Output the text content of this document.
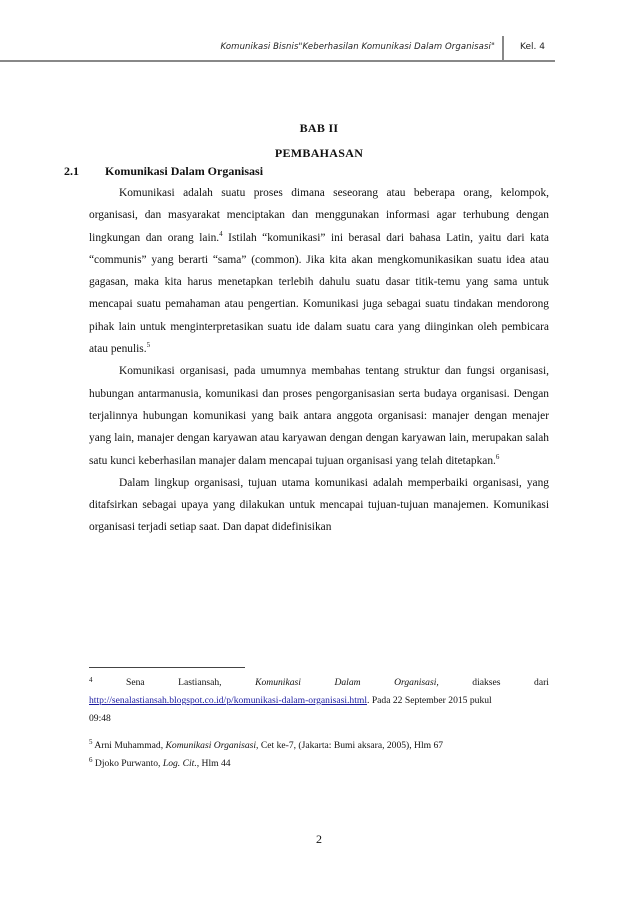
Komunikasi Bisnis"Keberhasilan Komunikasi Dalam Organisasi"	Kel. 4
BAB II
PEMBAHASAN
2.1 Komunikasi Dalam Organisasi

Komunikasi adalah suatu proses dimana seseorang atau beberapa orang, kelompok, organisasi, dan masyarakat menciptakan dan menggunakan informasi agar terhubung dengan lingkungan dan orang lain.$^4$ Istilah “komunikasi” ini berasal dari bahasa Latin, yaitu dari kata “communis” yang berarti “sama” (common). Jika kita akan mengkomunikasikan suatu idea atau gagasan, maka kita harus menetapkan terlebih dahulu suatu dasar titik-temu yang sama untuk mencapai suatu pemahaman atau pengertian. Komunikasi juga sebagai suatu tindakan mendorong pihak lain untuk menginterpretasikan suatu ide dalam suatu cara yang diinginkan oleh pembicara atau penulis.$^5$

Komunikasi organisasi, pada umumnya membahas tentang struktur dan fungsi organisasi, hubungan antarmanusia, komunikasi dan proses pengorganisasian serta budaya organisasi. Dengan terjalinnya hubungan komunikasi yang baik antara anggota organisasi: manajer dengan menajer yang lain, manajer dengan karyawan atau karyawan dengan dengan karyawan lain, merupakan salah satu kunci keberhasilan manajer dalam mencapai tujuan organisasi yang telah ditetapkan.$^6$

Dalam lingkup organisasi, tujuan utama komunikasi adalah memperbaiki organisasi, yang ditafsirkan sebagai upaya yang dilakukan untuk mencapai tujuan-tujuan manajemen. Komunikasi organisasi terjadi setiap saat. Dan dapat didefinisikan

4	Sena	Lastiansah,	Komunikasi	Dalam	Organisasi,	diakses	dari
http://senalastiansah.blogspot.co.id/p/komunikasi-dalam-organisasi.html. Pada 22 September 2015 pukul
09:48
$^5$ Arni Muhammad, Komunikasi Organisasi, Cet ke-7, (Jakarta: Bumi aksara, 2005), Hlm 67
$^6$ Djoko Purwanto, Log. Cit., Hlm 44
2
